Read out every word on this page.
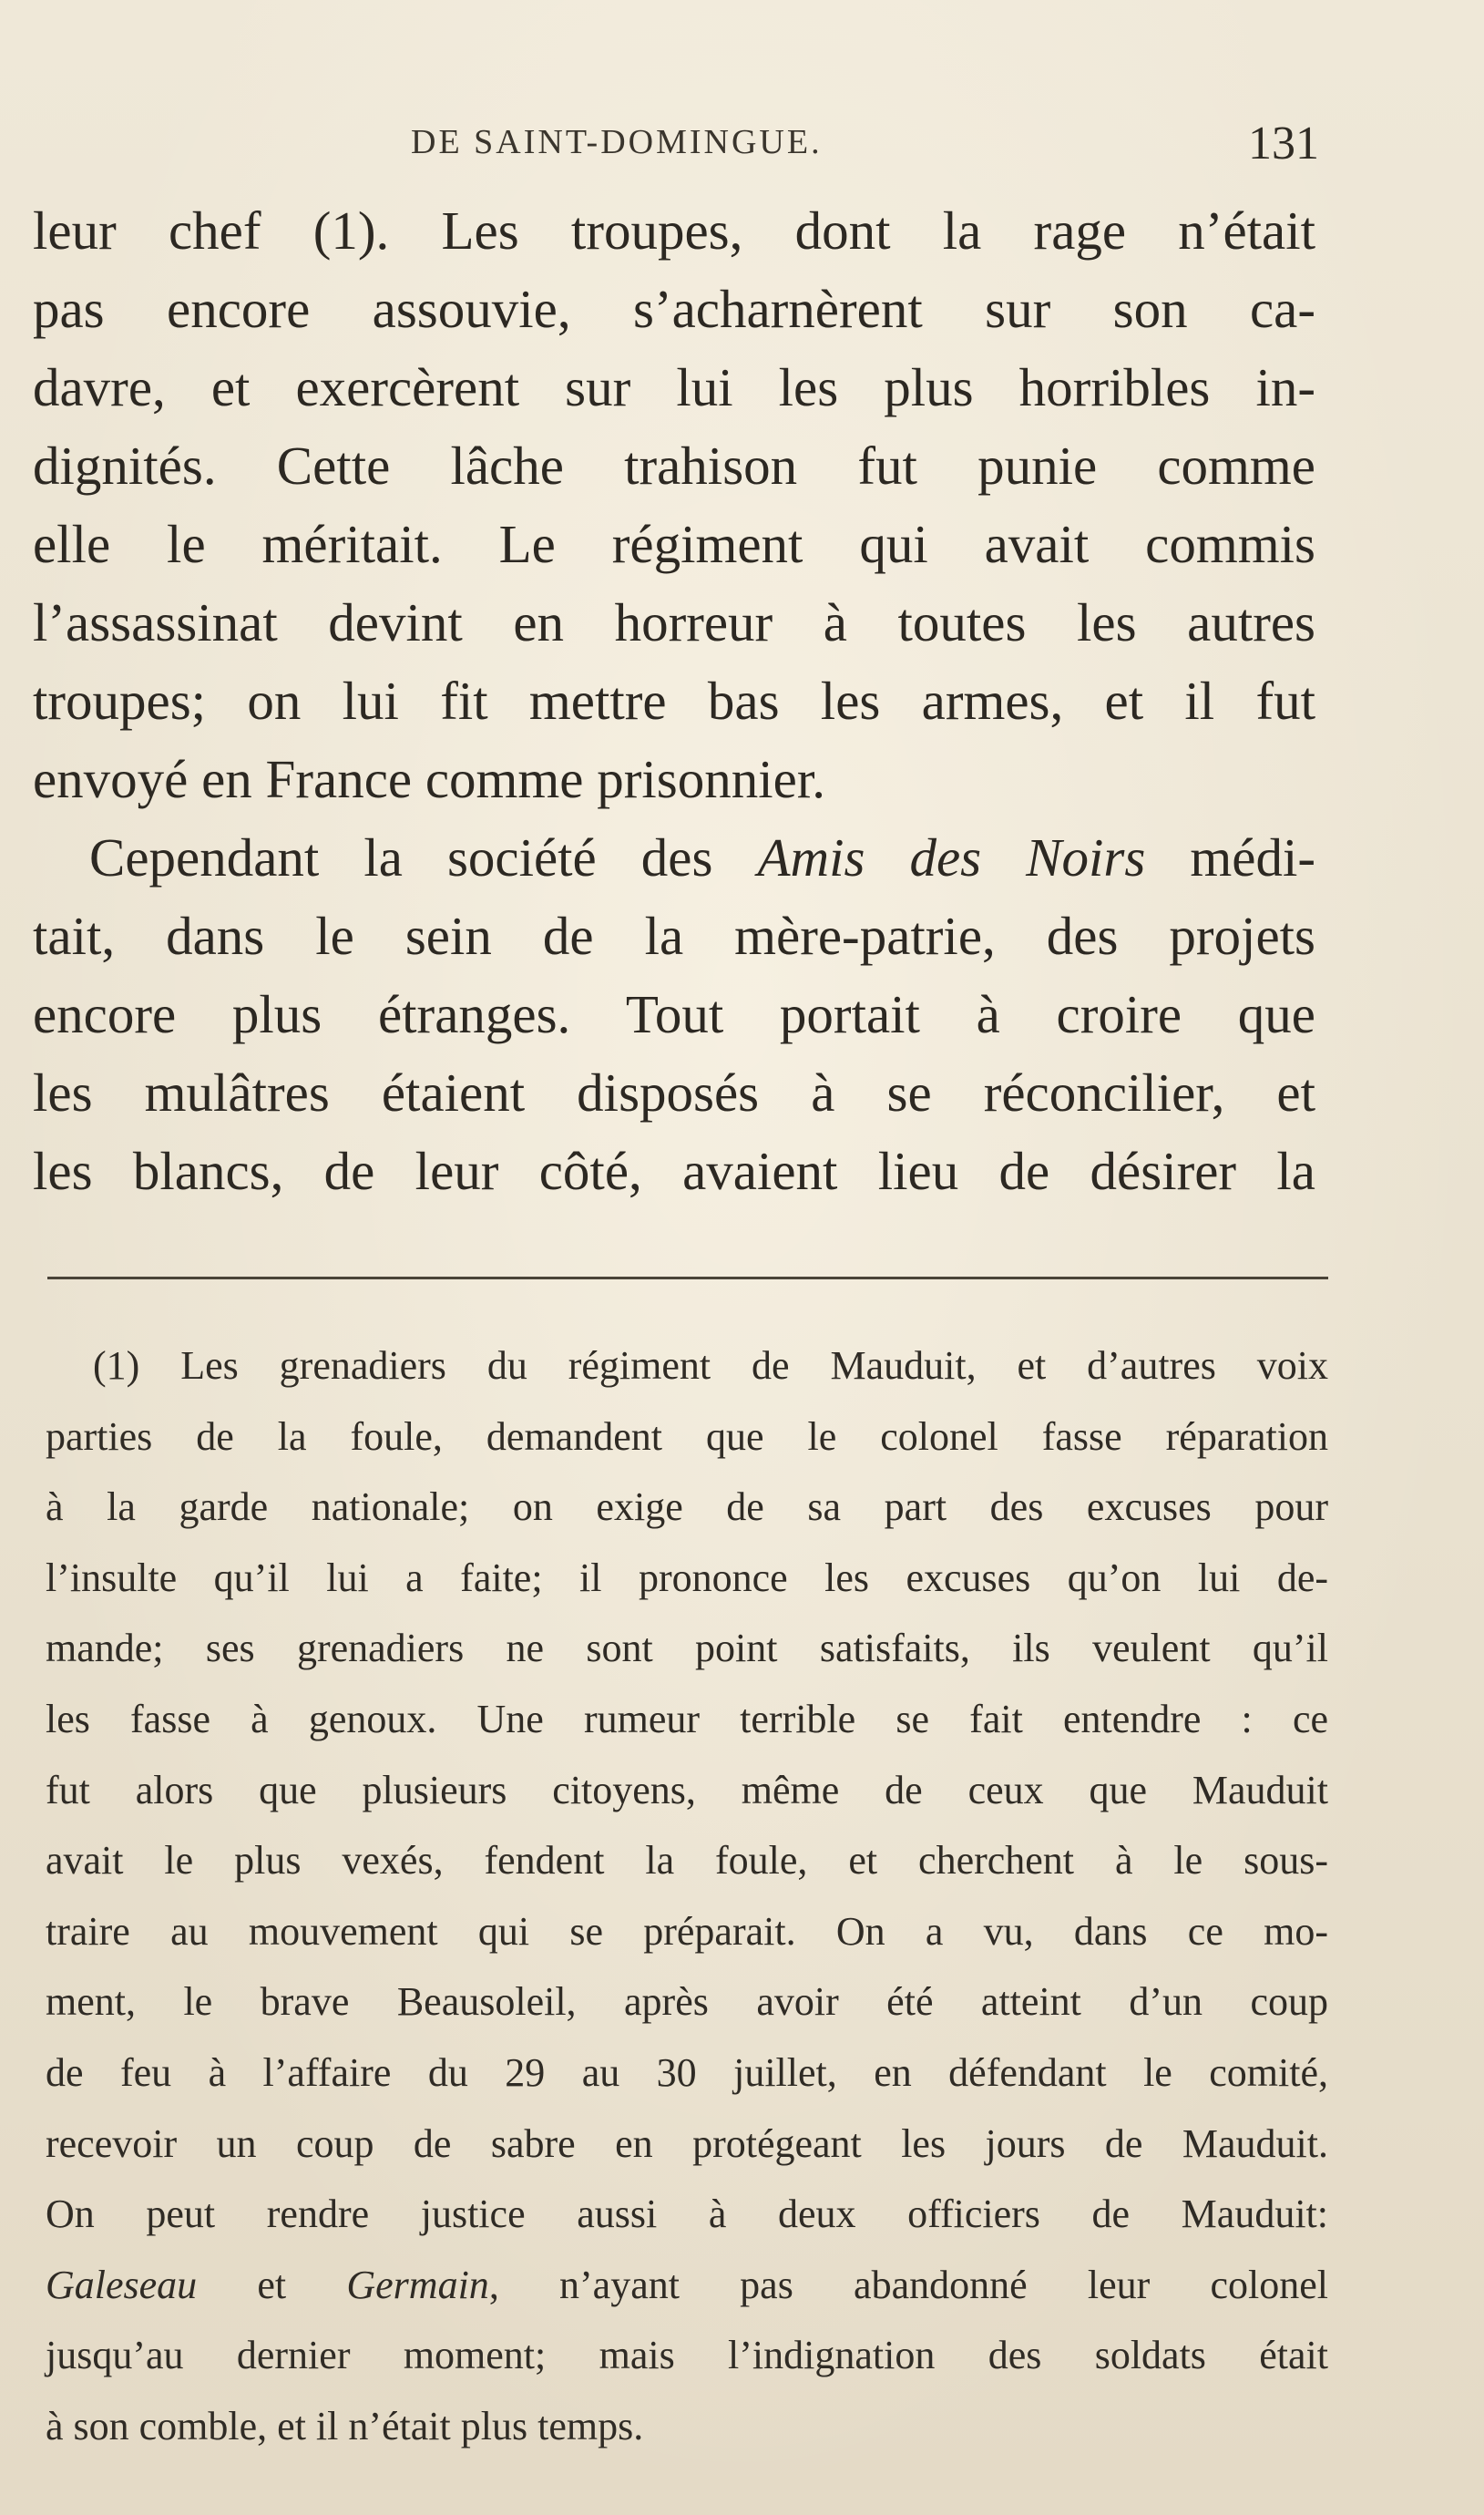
DE SAINT-DOMINGUE.	131
leur chef (1). Les troupes, dont la rage n’était
pas encore assouvie, s’acharnèrent sur son ca-
davre, et exercèrent sur lui les plus horribles in-
dignités. Cette lâche trahison fut punie comme
elle le méritait. Le régiment qui avait commis
l’assassinat devint en horreur à toutes les autres
troupes; on lui fit mettre bas les armes, et il fut
envoyé en France comme prisonnier.
Cependant la société des Amis des Noirs médi-
tait, dans le sein de la mère-patrie, des projets
encore plus étranges. Tout portait à croire que
les mulâtres étaient disposés à se réconcilier, et
les blancs, de leur côté, avaient lieu de désirer la
(1) Les grenadiers du régiment de Mauduit, et d’autres voix
parties de la foule, demandent que le colonel fasse réparation
à la garde nationale; on exige de sa part des excuses pour
l’insulte qu’il lui a faite; il prononce les excuses qu’on lui de-
mande; ses grenadiers ne sont point satisfaits, ils veulent qu’il
les fasse à genoux. Une rumeur terrible se fait entendre : ce
fut alors que plusieurs citoyens, même de ceux que Mauduit
avait le plus vexés, fendent la foule, et cherchent à le sous-
traire au mouvement qui se préparait. On a vu, dans ce mo-
ment, le brave Beausoleil, après avoir été atteint d’un coup
de feu à l’affaire du 29 au 30 juillet, en défendant le comité,
recevoir un coup de sabre en protégeant les jours de Mauduit.
On peut rendre justice aussi à deux officiers de Mauduit:
Galeseau et Germain, n’ayant pas abandonné leur colonel
jusqu’au dernier moment; mais l’indignation des soldats était
à son comble, et il n’était plus temps.
